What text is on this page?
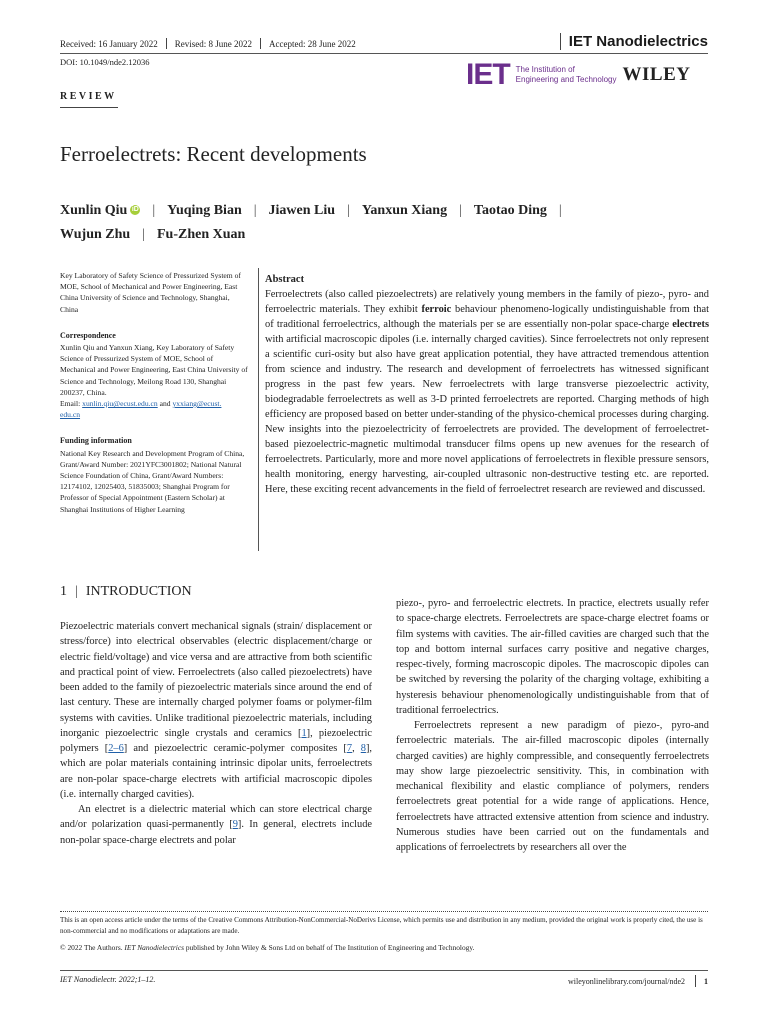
Received: 16 January 2022 Revised: 8 June 2022 Accepted: 28 June 2022	IET Nanodielectrics
DOI: 10.1049/nde2.12036	IET The Institution of
Engineering and Technology WILEY
REVIEW
Ferroelectrets: Recent developments
Xunlin Qiu iD | Yuqing Bian | Jiawen Liu | Yanxun Xiang | Taotao Ding |
Wujun Zhu | Fu-Zhen Xuan

Key Laboratory of Safety Science of Pressurized System of MOE, School of Mechanical and Power Engineering, East China University of Science and Technology, Shanghai, China

Correspondence

Xunlin Qiu and Yanxun Xiang, Key Laboratory of Safety Science of Pressurized System of MOE, School of Mechanical and Power Engineering, East China University of Science and Technology, Meilong Road 130, Shanghai 200237, China.
Email: xunlin.qiu@ecust.edu.cn and yxxiang@ecust.
edu.cn

Funding information

National Key Research and Development Program of China, Grant/Award Number: 2021YFC3001802; National Natural Science Foundation of China, Grant/Award Numbers: 12174102, 12025403, 51835003; Shanghai Program for Professor of Special Appointment (Eastern Scholar) at Shanghai Institutions of Higher Learning

Abstract

Ferroelectrets (also called piezoelectrets) are relatively young members in the family of piezo-, pyro- and ferroelectric materials. They exhibit ferroic behaviour phenomeno-logically undistinguishable from that of traditional ferroelectrics, although the materials per se are essentially non-polar space-charge electrets with artificial macroscopic dipoles (i.e. internally charged cavities). Since ferroelectrets not only represent a scientific curi-osity but also have great application potential, they have attracted tremendous attention from science and industry. The research and development of ferroelectrets has witnessed significant progress in the past few years. New ferroelectrets with large transverse piezoelectric activity, biodegradable ferroelectrets as well as 3-D printed ferroelectrets are reported. Charging methods of high efficiency are proposed based on better under-standing of the physico-chemical processes during charging. New insights into the piezoelectricity of ferroelectrets are provided. The development of ferroelectret-based piezoelectric-magnetic multimodal transducer films opens up new avenues for the research of ferroelectrets. Particularly, more and more novel applications of ferroelectrets in flexible pressure sensors, health monitoring, energy harvesting, air-coupled ultrasonic non-destructive testing etc. are reported. Here, these exciting recent advancements in the field of ferroelectret research are reviewed and discussed.

1 | INTRODUCTION

Piezoelectric materials convert mechanical signals (strain/ displacement or stress/force) into electrical observables (electric displacement/charge or electric field/voltage) and vice versa and are attractive from both scientific and practical point of view. Ferroelectrets (also called piezoelectrets) have been added to the family of piezoelectric materials since around the end of last century. These are internally charged polymer foams or polymer-film systems with cavities. Unlike traditional piezoelectric materials, including inorganic piezoelectric single crystals and ceramics [1], piezoelectric polymers [2–6] and piezoelectric ceramic-polymer composites [7, 8], which are polar materials containing intrinsic dipolar units, ferroelectrets are non-polar space-charge electrets with artificial macroscopic dipoles (i.e. internally charged cavities).

An electret is a dielectric material which can store electrical charge and/or polarization quasi-permanently [9]. In general, electrets include non-polar space-charge electrets and polar

piezo-, pyro- and ferroelectric electrets. In practice, electrets usually refer to space-charge electrets. Ferroelectrets are space-charge electret foams or film systems with cavities. The air-filled cavities are charged such that the top and bottom internal surfaces carry positive and negative charges, respec-tively, forming macroscopic dipoles. The macroscopic dipoles can be switched by reversing the polarity of the charging voltage, exhibiting a hysteresis behaviour phenomenologically undistinguishable from that of traditional ferroelectrics.

Ferroelectrets represent a new paradigm of piezo-, pyro-and ferroelectric materials. The air-filled macroscopic dipoles (internally charged cavities) are highly compressible, and consequently ferroelectrets may show large piezoelectric sensitivity. This, in combination with mechanical flexibility and elastic compliance of polymers, renders ferroelectrets great potential for a wide range of applications. Hence, ferroelectrets have attracted extensive attention from science and industry. Numerous studies have been carried out on the fundamentals and applications of ferroelectrets by researchers all over the

This is an open access article under the terms of the Creative Commons Attribution-NonCommercial-NoDerivs License, which permits use and distribution in any medium, provided the original work is properly cited, the use is non-commercial and no modifications or adaptations are made.

© 2022 The Authors. IET Nanodielectrics published by John Wiley & Sons Ltd on behalf of The Institution of Engineering and Technology.
IET Nanodielectr. 2022;1–12.	wileyonlinelibrary.com/journal/nde2 1
